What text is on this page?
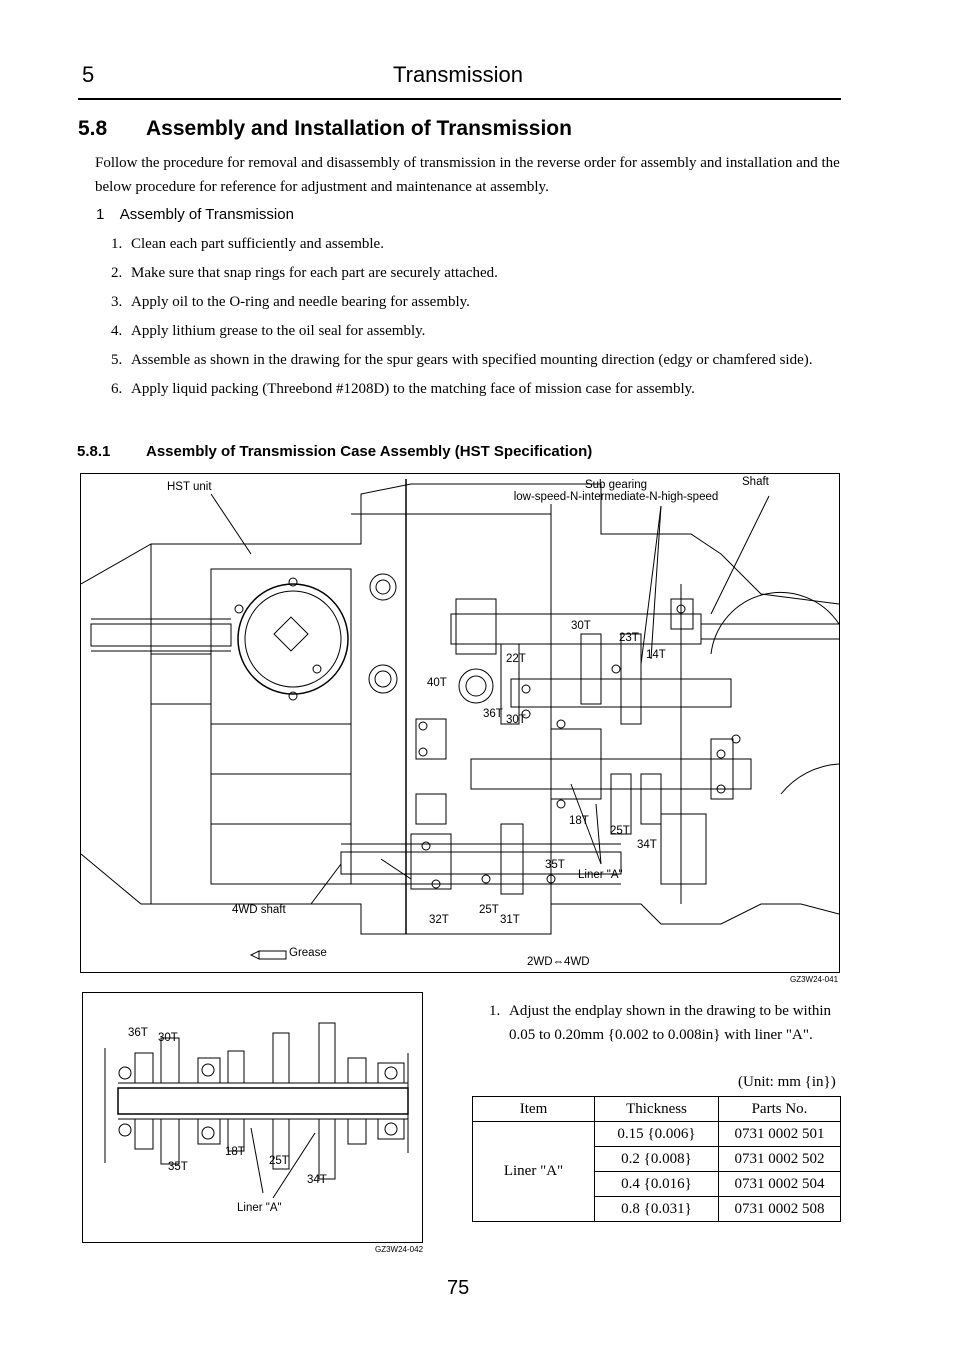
5	Transmission
5.8 Assembly and Installation of Transmission

Follow the procedure for removal and disassembly of transmission in the reverse order for assembly and installation and the below procedure for reference for adjustment and maintenance at assembly.

1 Assembly of Transmission
1. Clean each part sufficiently and assemble.
2. Make sure that snap rings for each part are securely attached.
3. Apply oil to the O-ring and needle bearing for assembly.
4. Apply lithium grease to the oil seal for assembly.
5. Assemble as shown in the drawing for the spur gears with specified mounting direction (edgy or chamfered side).
6. Apply liquid packing (Threebond #1208D) to the matching face of mission case for assembly.
5.8.1 Assembly of Transmission Case Assembly (HST Specification)
HST unit	Sub gearing
low-speed-N-intermediate-N-high-speed
Shaft
30T
23T
14T
22T
40T
36T 30T
18T
25T
34T
35T
Liner "A"
4WD shaft
32T
25T
31T
Grease
2WD⇔4WD
GZ3W24-041
36T 30T
18T
25T
35T
34T
Liner "A"
GZ3W24-042
1. Adjust the endplay shown in the drawing to be within 0.05 to 0.20mm {0.002 to 0.008in} with liner "A".
(Unit: mm {in})
Item	Thickness	Parts No.
Liner "A"	0.15 {0.006}	0731 0002 501
	0.2 {0.008}	0731 0002 502
	0.4 {0.016}	0731 0002 504
	0.8 {0.031}	0731 0002 508
75
